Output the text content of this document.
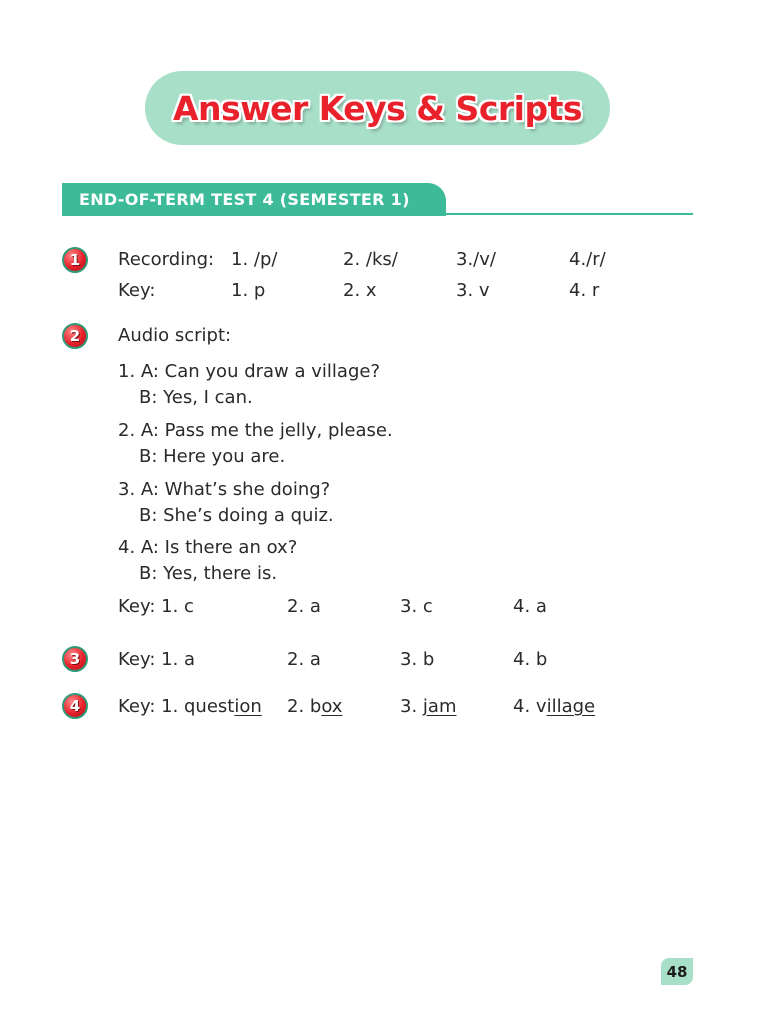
Answer Keys & Scripts
END-OF-TERM TEST 4 (SEMESTER 1)
1 Recording: 1. /p/	2. /ks/	3./v/	4./r/
Key:	1. p	2. x	3. v	4. r
2 Audio script:
1. A: Can you draw a village?
B: Yes, I can.
2. A: Pass me the jelly, please.
B: Here you are.
3. A: What’s she doing?
B: She’s doing a quiz.
4. A: Is there an ox?
B: Yes, there is.
Key: 1. c	2. a	3. c	4. a
3 Key: 1. a	2. a	3. b	4. b
4 Key: 1. question 2. box	3. jam	4. village
48
